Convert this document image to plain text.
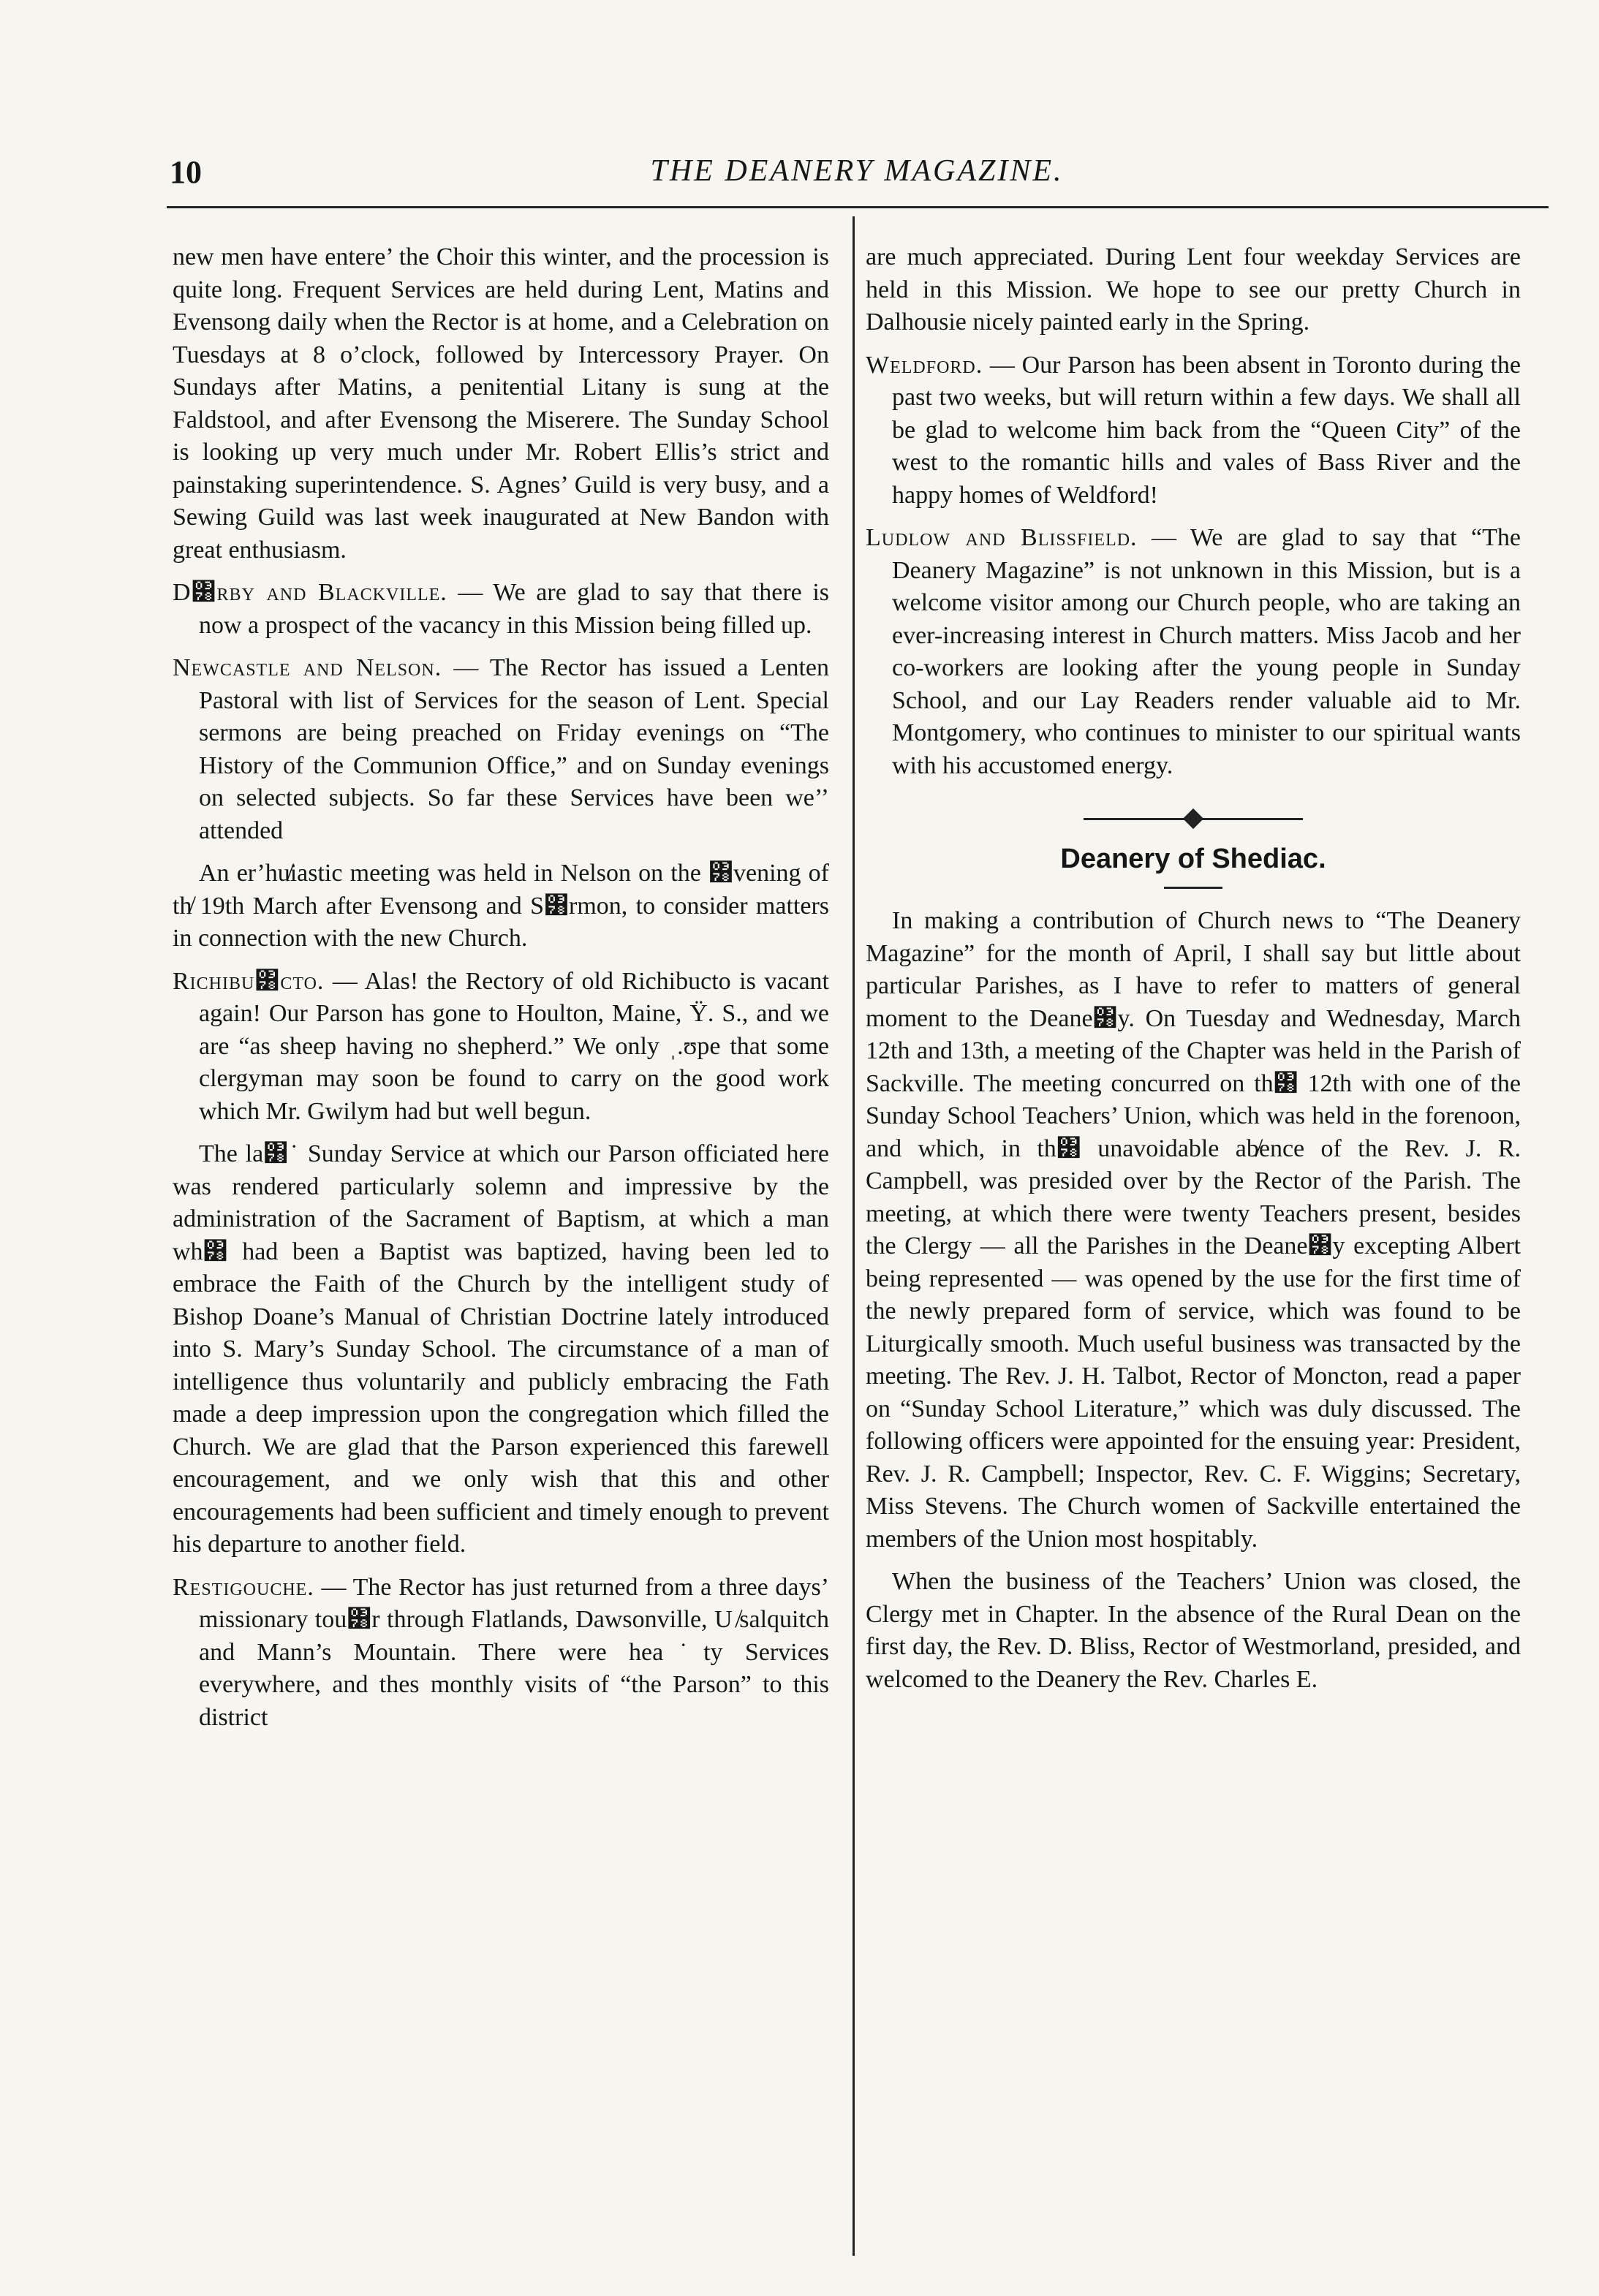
10	THE DEANERY MAGAZINE.

new men have entere’ the Choir this winter, and the procession is quite long. Frequent Services are held during Lent, Matins and Evensong daily when the Rector is at home, and a Celebration on Tuesdays at 8 o’clock, followed by Intercessory Prayer. On Sundays after Matins, a penitential Litany is sung at the Faldstool, and after Evensong the Miserere. The Sunday School is looking up very much under Mr. Robert Ellis’s strict and painstaking superintendence. S. Agnes’ Guild is very busy, and a Sewing Guild was last week inaugurated at New Bandon with great enthusiasm.

D͸rby and Blackville. — We are glad to say that there is now a prospect of the vacancy in this Mission being filled up.

Newcastle and Nelson. — The Rector has issued a Lenten Pastoral with list of Services for the season of Lent. Special sermons are being preached on Friday evenings on “The History of the Communion Office,” and on Sunday evenings on selected subjects. So far these Services have been we’’ attended

An er’hu̸iastic meeting was held in Nelson on the ͸vening of th̸ 19th March after Evensong and S͸rmon, to consider matters in connection with the new Church.

Richibu͸cto. — Alas! the Rectory of old Richibucto is vacant again! Our Parson has gone to Houlton, Maine, Ÿ. S., and we are “as sheep having no shepherd.” We only ˌ.ʊpe that some clergyman may soon be found to carry on the good work which Mr. Gwilym had but well begun.

The la͸˙ Sunday Service at which our Parson officiated here was rendered particularly solemn and impressive by the administration of the Sacrament of Baptism, at which a man wh͸ had been a Baptist was baptized, having been led to embrace the Faith of the Church by the intelligent study of Bishop Doane’s Manual of Christian Doctrine lately introduced into S. Mary’s Sunday School. The circumstance of a man of intelligence thus voluntarily and publicly embracing the Fath made a deep impression upon the congregation which filled the Church. We are glad that the Parson experienced this farewell encouragement, and we only wish that this and other encouragements had been sufficient and timely enough to prevent his departure to another field.

Restigouche. — The Rector has just returned from a three days’ missionary tou͸r through Flatlands, Dawsonville, U ̸salquitch and Mann’s Mountain. There were hea˙ty Services everywhere, and thes monthly visits of “the Parson” to this district

are much appreciated. During Lent four weekday Services are held in this Mission. We hope to see our pretty Church in Dalhousie nicely painted early in the Spring.

Weldford. — Our Parson has been absent in Toronto during the past two weeks, but will return within a few days. We shall all be glad to welcome him back from the “Queen City” of the west to the romantic hills and vales of Bass River and the happy homes of Weldford!

Ludlow and Blissfield. — We are glad to say that “The Deanery Magazine” is not unknown in this Mission, but is a welcome visitor among our Church people, who are taking an ever-increasing interest in Church matters. Miss Jacob and her co-workers are looking after the young people in Sunday School, and our Lay Readers render valuable aid to Mr. Montgomery, who continues to minister to our spiritual wants with his accustomed energy.

Deanery of Shediac.

In making a contribution of Church news to “The Deanery Magazine” for the month of April, I shall say but little about particular Parishes, as I have to refer to matters of general moment to the Deane͸y. On Tuesday and Wednesday, March 12th and 13th, a meeting of the Chapter was held in the Parish of Sackville. The meeting concurred on th͸ 12th with one of the Sunday School Teachers’ Union, which was held in the forenoon, and which, in th͸ unavoidable ab̸ence of the Rev. J. R. Campbell, was presided over by the Rector of the Parish. The meeting, at which there were twenty Teachers present, besides the Clergy — all the Parishes in the Deane͸y excepting Albert being represented — was opened by the use for the first time of the newly prepared form of service, which was found to be Liturgically smooth. Much useful business was transacted by the meeting. The Rev. J. H. Talbot, Rector of Moncton, read a paper on “Sunday School Literature,” which was duly discussed. The following officers were appointed for the ensuing year: President, Rev. J. R. Campbell; Inspector, Rev. C. F. Wiggins; Secretary, Miss Stevens. The Church women of Sackville entertained the members of the Union most hospitably.

When the business of the Teachers’ Union was closed, the Clergy met in Chapter. In the absence of the Rural Dean on the first day, the Rev. D. Bliss, Rector of Westmorland, presided, and welcomed to the Deanery the Rev. Charles E.
